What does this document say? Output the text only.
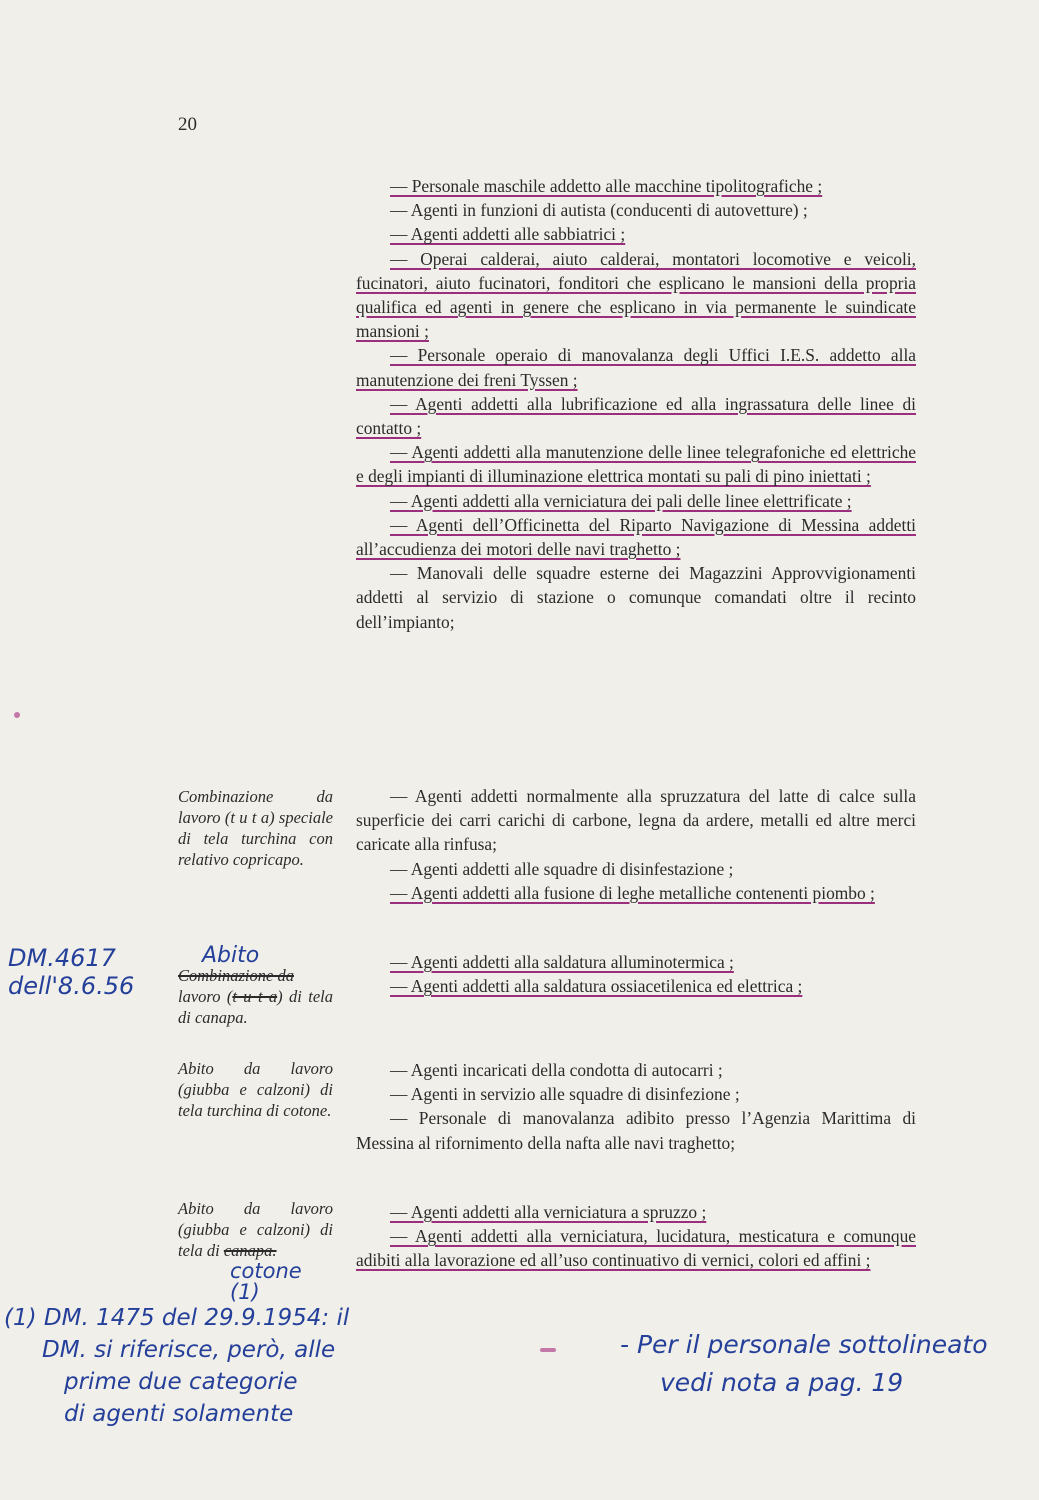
20

— Personale maschile addetto alle macchine tipolitografiche ;

— Agenti in funzioni di autista (conducenti di autovetture) ;

— Agenti addetti alle sabbiatrici ;

— Operai calderai, aiuto calderai, montatori locomotive e veicoli, fucinatori, aiuto fucinatori, fonditori che esplicano le mansioni della propria qualifica ed agenti in genere che esplicano in via permanente le suindicate mansioni ;

— Personale operaio di manovalanza degli Uffici I.E.S. addetto alla manutenzione dei freni Tyssen ;

— Agenti addetti alla lubrificazione ed alla ingrassatura delle linee di contatto ;

— Agenti addetti alla manutenzione delle linee telegrafoniche ed elettriche e degli impianti di illuminazione elettrica montati su pali di pino iniettati ;

— Agenti addetti alla verniciatura dei pali delle linee elettrificate ;

— Agenti dell’Officinetta del Riparto Navigazione di Messina addetti all’accudienza dei motori delle navi traghetto ;

— Manovali delle squadre esterne dei Magazzini Approvvigionamenti addetti al servizio di stazione o comunque comandati oltre il recinto dell’impianto;

Combinazione da lavoro (t u t a) speciale di tela turchina con relativo copricapo.

— Agenti addetti normalmente alla spruzzatura del latte di calce sulla superficie dei carri carichi di carbone, legna da ardere, metalli ed altre merci caricate alla rinfusa;

— Agenti addetti alle squadre di disinfestazione ;

— Agenti addetti alla fusione di leghe metalliche contenenti piombo ;

Abito
Combinazione da
lavoro (t u t a) di tela di canapa.

— Agenti addetti alla saldatura alluminotermica ;

— Agenti addetti alla saldatura ossiacetilenica ed elettrica ;

Abito da lavoro (giubba e calzoni) di tela turchina di cotone.

— Agenti incaricati della condotta di autocarri ;

— Agenti in servizio alle squadre di disinfezione ;

— Personale di manovalanza adibito presso l’Agenzia Marittima di Messina al rifornimento della nafta alle navi traghetto;

Abito da lavoro (giubba e calzoni) di tela di canapa.
cotone (1)

— Agenti addetti alla verniciatura a spruzzo ;

— Agenti addetti alla verniciatura, lucidatura, mesticatura e comunque adibiti alla lavorazione ed all’uso continuativo di vernici, colori ed affini ;

DM.4617
dell'8.6.56
(1) DM. 1475 del 29.9.1954: il
DM. si riferisce, però, alle
prime due categorie
di agenti solamente
- Per il personale sottolineato
vedi nota a pag. 19
